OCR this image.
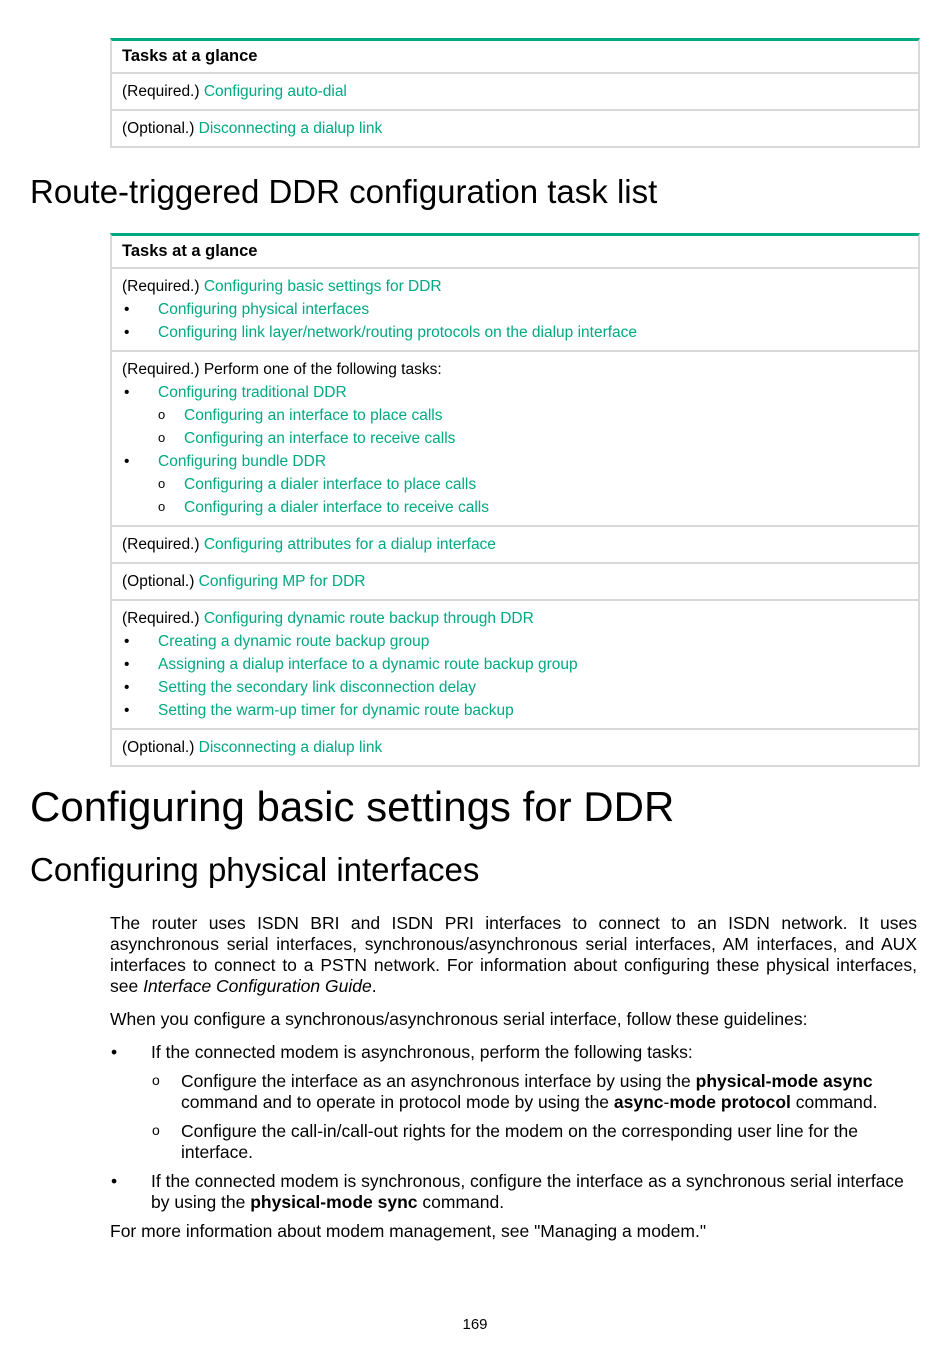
Tasks at a glance
(Required.) Configuring auto-dial
(Optional.) Disconnecting a dialup link
Route-triggered DDR configuration task list
Tasks at a glance
(Required.) Configuring basic settings for DDR
• Configuring physical interfaces
• Configuring link layer/network/routing protocols on the dialup interface
(Required.) Perform one of the following tasks:
• Configuring traditional DDR
o Configuring an interface to place calls
o Configuring an interface to receive calls
• Configuring bundle DDR
o Configuring a dialer interface to place calls
o Configuring a dialer interface to receive calls
(Required.) Configuring attributes for a dialup interface
(Optional.) Configuring MP for DDR
(Required.) Configuring dynamic route backup through DDR
• Creating a dynamic route backup group
• Assigning a dialup interface to a dynamic route backup group
• Setting the secondary link disconnection delay
• Setting the warm-up timer for dynamic route backup
(Optional.) Disconnecting a dialup link
Configuring basic settings for DDR
Configuring physical interfaces

The router uses ISDN BRI and ISDN PRI interfaces to connect to an ISDN network. It uses asynchronous serial interfaces, synchronous/asynchronous serial interfaces, AM interfaces, and AUX interfaces to connect to a PSTN network. For information about configuring these physical interfaces, see Interface Configuration Guide.

When you configure a synchronous/asynchronous serial interface, follow these guidelines:

• If the connected modem is asynchronous, perform the following tasks:
o Configure the interface as an asynchronous interface by using the physical-mode async command and to operate in protocol mode by using the async-mode protocol command.
o Configure the call-in/call-out rights for the modem on the corresponding user line for the interface.
• If the connected modem is synchronous, configure the interface as a synchronous serial interface by using the physical-mode sync command.

For more information about modem management, see "Managing a modem."

169
